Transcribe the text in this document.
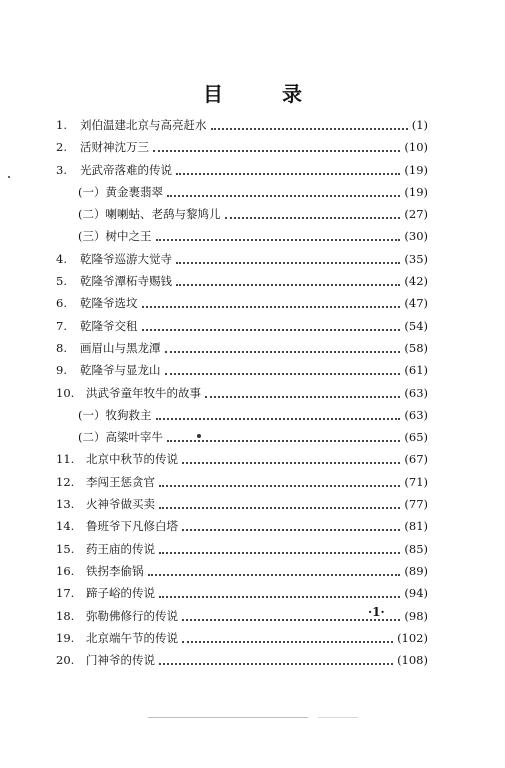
目 录
1. 刘伯温建北京与高亮赶水	(1)
2. 活财神沈万三	(10)
3. 光武帝落难的传说	(19)
(一）黄金裹翡翠	(19)
(二）喇喇蛄、老鸹与黎鸠儿	(27)
(三）树中之王	(30)
4. 乾隆爷巡游大觉寺	(35)
5. 乾隆爷潭柘寺赐钱	(42)
6. 乾隆爷选坟	(47)
7. 乾隆爷交租	(54)
8. 画眉山与黑龙潭	(58)
9. 乾隆爷与显龙山	(61)
10. 洪武爷童年牧牛的故事	(63)
(一）牧狗救主	(63)
(二）高粱叶宰牛	(65)
11. 北京中秋节的传说	(67)
12. 李闯王惩贪官	(71)
13. 火神爷做买卖	(77)
14. 鲁班爷下凡修白塔	(81)
15. 药王庙的传说	(85)
16. 铁拐李偷锅	(89)
17. 蹄子峪的传说	(94)
18. 弥勒佛修行的传说	(98)
19. 北京端午节的传说	(102)
20. 门神爷的传说	(108)
·1·
